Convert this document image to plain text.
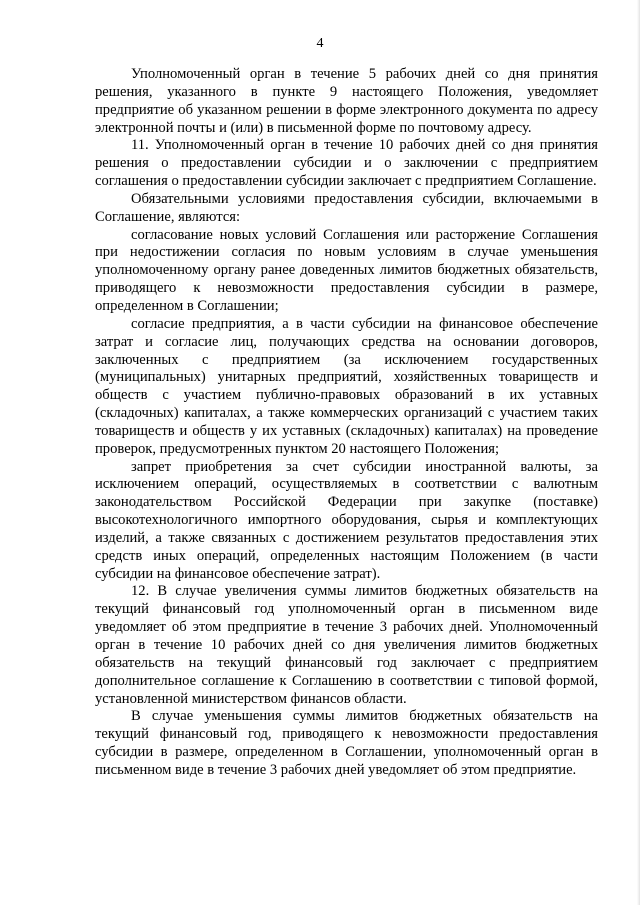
4

Уполномоченный орган в течение 5 рабочих дней со дня принятия решения, указанного в пункте 9 настоящего Положения, уведомляет предприятие об указанном решении в форме электронного документа по адресу электронной почты и (или) в письменной форме по почтовому адресу.

11. Уполномоченный орган в течение 10 рабочих дней со дня принятия решения о предоставлении субсидии и о заключении с предприятием соглашения о предоставлении субсидии заключает с предприятием Соглашение.

Обязательными условиями предоставления субсидии, включаемыми в Соглашение, являются:

согласование новых условий Соглашения или расторжение Соглашения при недостижении согласия по новым условиям в случае уменьшения уполномоченному органу ранее доведенных лимитов бюджетных обязательств, приводящего к невозможности предоставления субсидии в размере, определенном в Соглашении;

согласие предприятия, а в части субсидии на финансовое обеспечение затрат и согласие лиц, получающих средства на основании договоров, заключенных с предприятием (за исключением государственных (муниципальных) унитарных предприятий, хозяйственных товариществ и обществ с участием публично-правовых образований в их уставных (складочных) капиталах, а также коммерческих организаций с участием таких товариществ и обществ у их уставных (складочных) капиталах) на проведение проверок, предусмотренных пунктом 20 настоящего Положения;

запрет приобретения за счет субсидии иностранной валюты, за исключением операций, осуществляемых в соответствии с валютным законодательством Российской Федерации при закупке (поставке) высокотехнологичного импортного оборудования, сырья и комплектующих изделий, а также связанных с достижением результатов предоставления этих средств иных операций, определенных настоящим Положением (в части субсидии на финансовое обеспечение затрат).

12. В случае увеличения суммы лимитов бюджетных обязательств на текущий финансовый год уполномоченный орган в письменном виде уведомляет об этом предприятие в течение 3 рабочих дней. Уполномоченный орган в течение 10 рабочих дней со дня увеличения лимитов бюджетных обязательств на текущий финансовый год заключает с предприятием дополнительное соглашение к Соглашению в соответствии с типовой формой, установленной министерством финансов области.

В случае уменьшения суммы лимитов бюджетных обязательств на текущий финансовый год, приводящего к невозможности предоставления субсидии в размере, определенном в Соглашении, уполномоченный орган в письменном виде в течение 3 рабочих дней уведомляет об этом предприятие.
